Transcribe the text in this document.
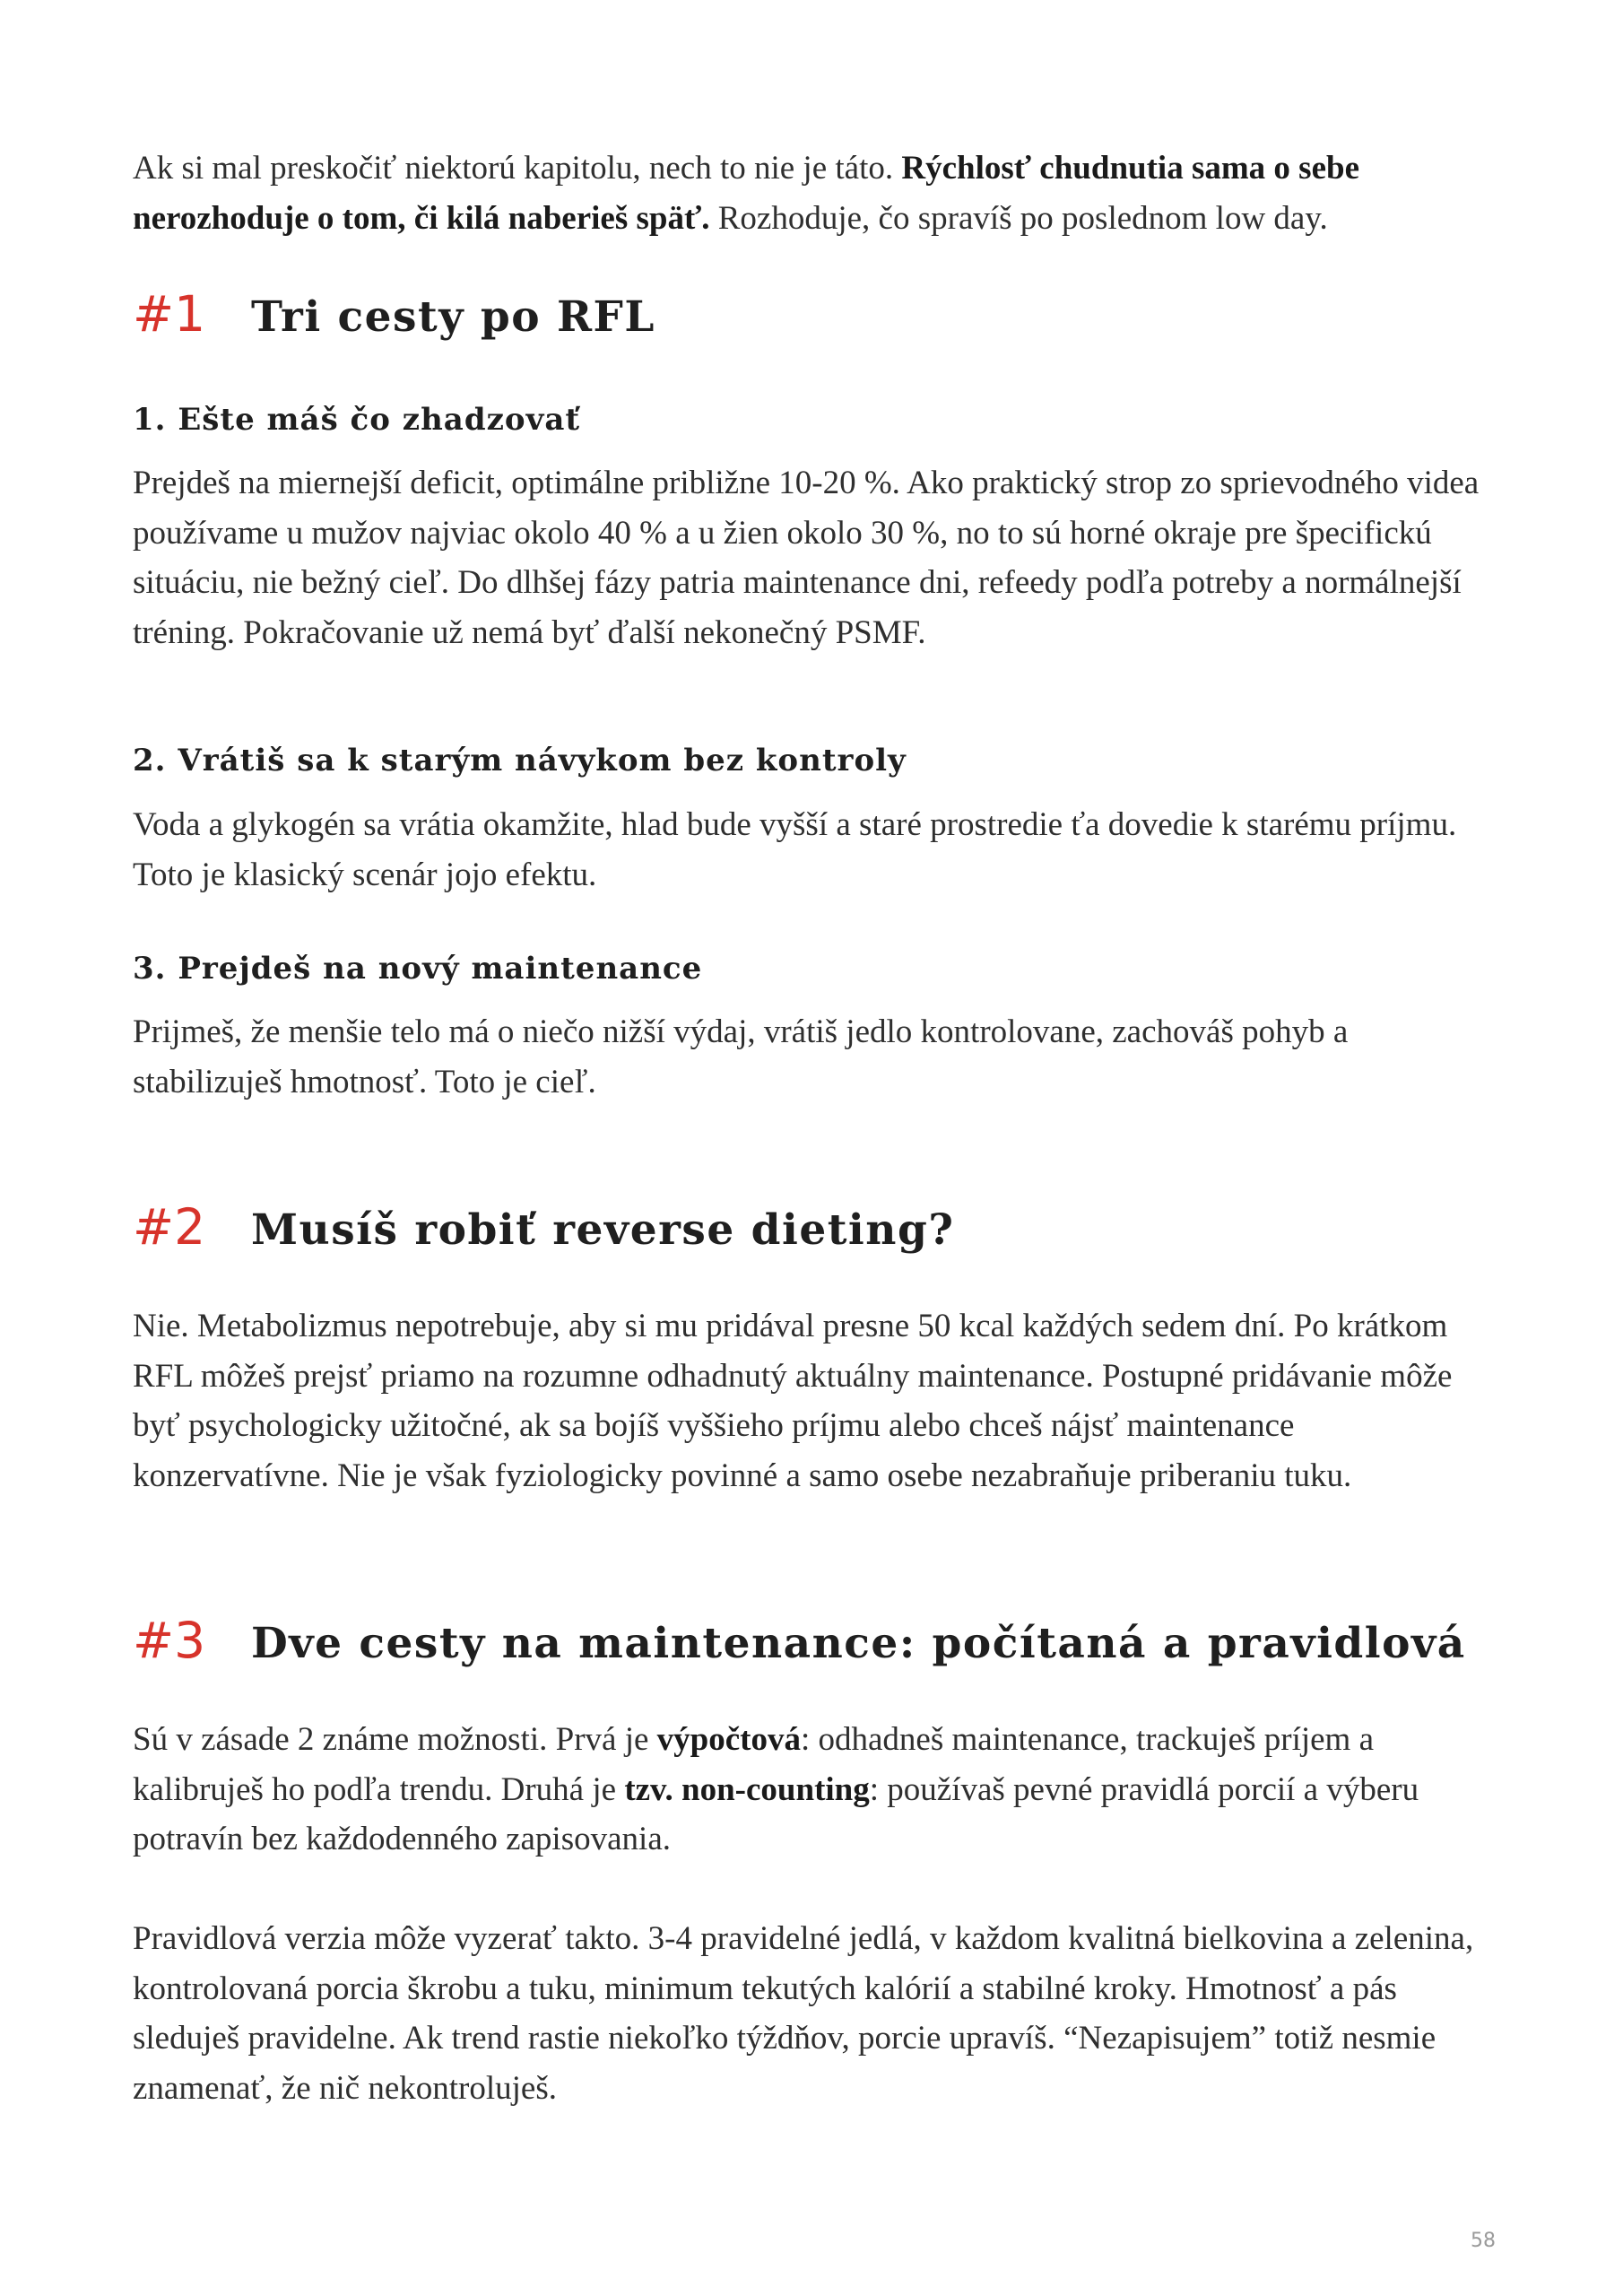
Ak si mal preskočiť niektorú kapitolu, nech to nie je táto. Rýchlosť chudnutia sama o sebe nerozhoduje o tom, či kilá naberieš späť. Rozhoduje, čo spravíš po poslednom low day.

#1	Tri cesty po RFL
1. Ešte máš čo zhadzovať

Prejdeš na miernejší deficit, optimálne približne 10-20 %. Ako praktický strop zo sprievodného videa používame u mužov najviac okolo 40 % a u žien okolo 30 %, no to sú horné okraje pre špecifickú situáciu, nie bežný cieľ. Do dlhšej fázy patria maintenance dni, refeedy podľa potreby a normálnejší tréning. Pokračovanie už nemá byť ďalší nekonečný PSMF.

2. Vrátiš sa k starým návykom bez kontroly

Voda a glykogén sa vrátia okamžite, hlad bude vyšší a staré prostredie ťa dovedie k starému príjmu. Toto je klasický scenár jojo efektu.

3. Prejdeš na nový maintenance

Prijmeš, že menšie telo má o niečo nižší výdaj, vrátiš jedlo kontrolovane, zachováš pohyb a stabilizuješ hmotnosť. Toto je cieľ.

#2	Musíš robiť reverse dieting?

Nie. Metabolizmus nepotrebuje, aby si mu pridával presne 50 kcal každých sedem dní. Po krátkom RFL môžeš prejsť priamo na rozumne odhadnutý aktuálny maintenance. Postupné pridávanie môže byť psychologicky užitočné, ak sa bojíš vyššieho príjmu alebo chceš nájsť maintenance konzervatívne. Nie je však fyziologicky povinné a samo osebe nezabraňuje priberaniu tuku.

#3	Dve cesty na maintenance: počítaná a pravidlová

Sú v zásade 2 známe možnosti. Prvá je výpočtová: odhadneš maintenance, trackuješ príjem a kalibruješ ho podľa trendu. Druhá je tzv. non-counting: používaš pevné pravidlá porcií a výberu potravín bez každodenného zapisovania.

Pravidlová verzia môže vyzerať takto. 3-4 pravidelné jedlá, v každom kvalitná bielkovina a zelenina, kontrolovaná porcia škrobu a tuku, minimum tekutých kalórií a stabilné kroky. Hmotnosť a pás sleduješ pravidelne. Ak trend rastie niekoľko týždňov, porcie upravíš. “Nezapisujem” totiž nesmie znamenať, že nič nekontroluješ.

58
